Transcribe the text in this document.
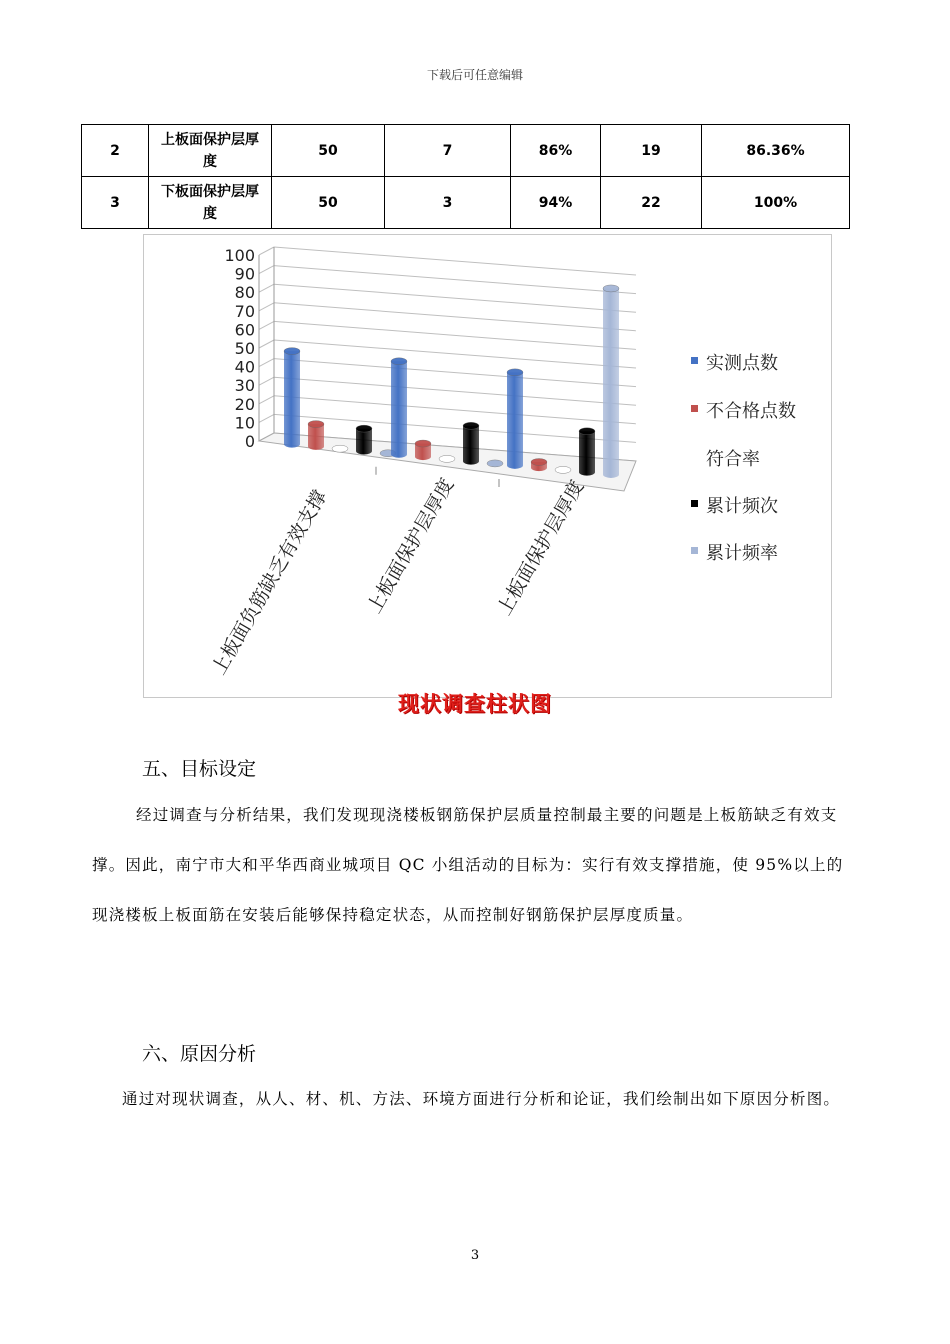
下载后可任意编辑
2	上板面保护层厚度	50	7	86%	19	86.36%
3	下板面保护层厚度	50	3	94%	22	100%
0
10
20
30
40
50
60
70
80
90
100
上板面负筋缺乏有效支撑 上板面保护层厚度 上板面保护层厚度
实测点数
不合格点数
符合率
累计频次
累计频率
现状调查柱状图
五、目标设定
经过调查与分析结果，我们发现现浇楼板钢筋保护层质量控制最主要的问题是上板筋缺乏有效支撑。因此，南宁市大和平华西商业城项目 QC 小组活动的目标为：实行有效支撑措施，使 95%以上的现浇楼板上板面筋在安装后能够保持稳定状态，从而控制好钢筋保护层厚度质量。
六、原因分析
通过对现状调查，从人、材、机、方法、环境方面进行分析和论证，我们绘制出如下原因分析图。
3
